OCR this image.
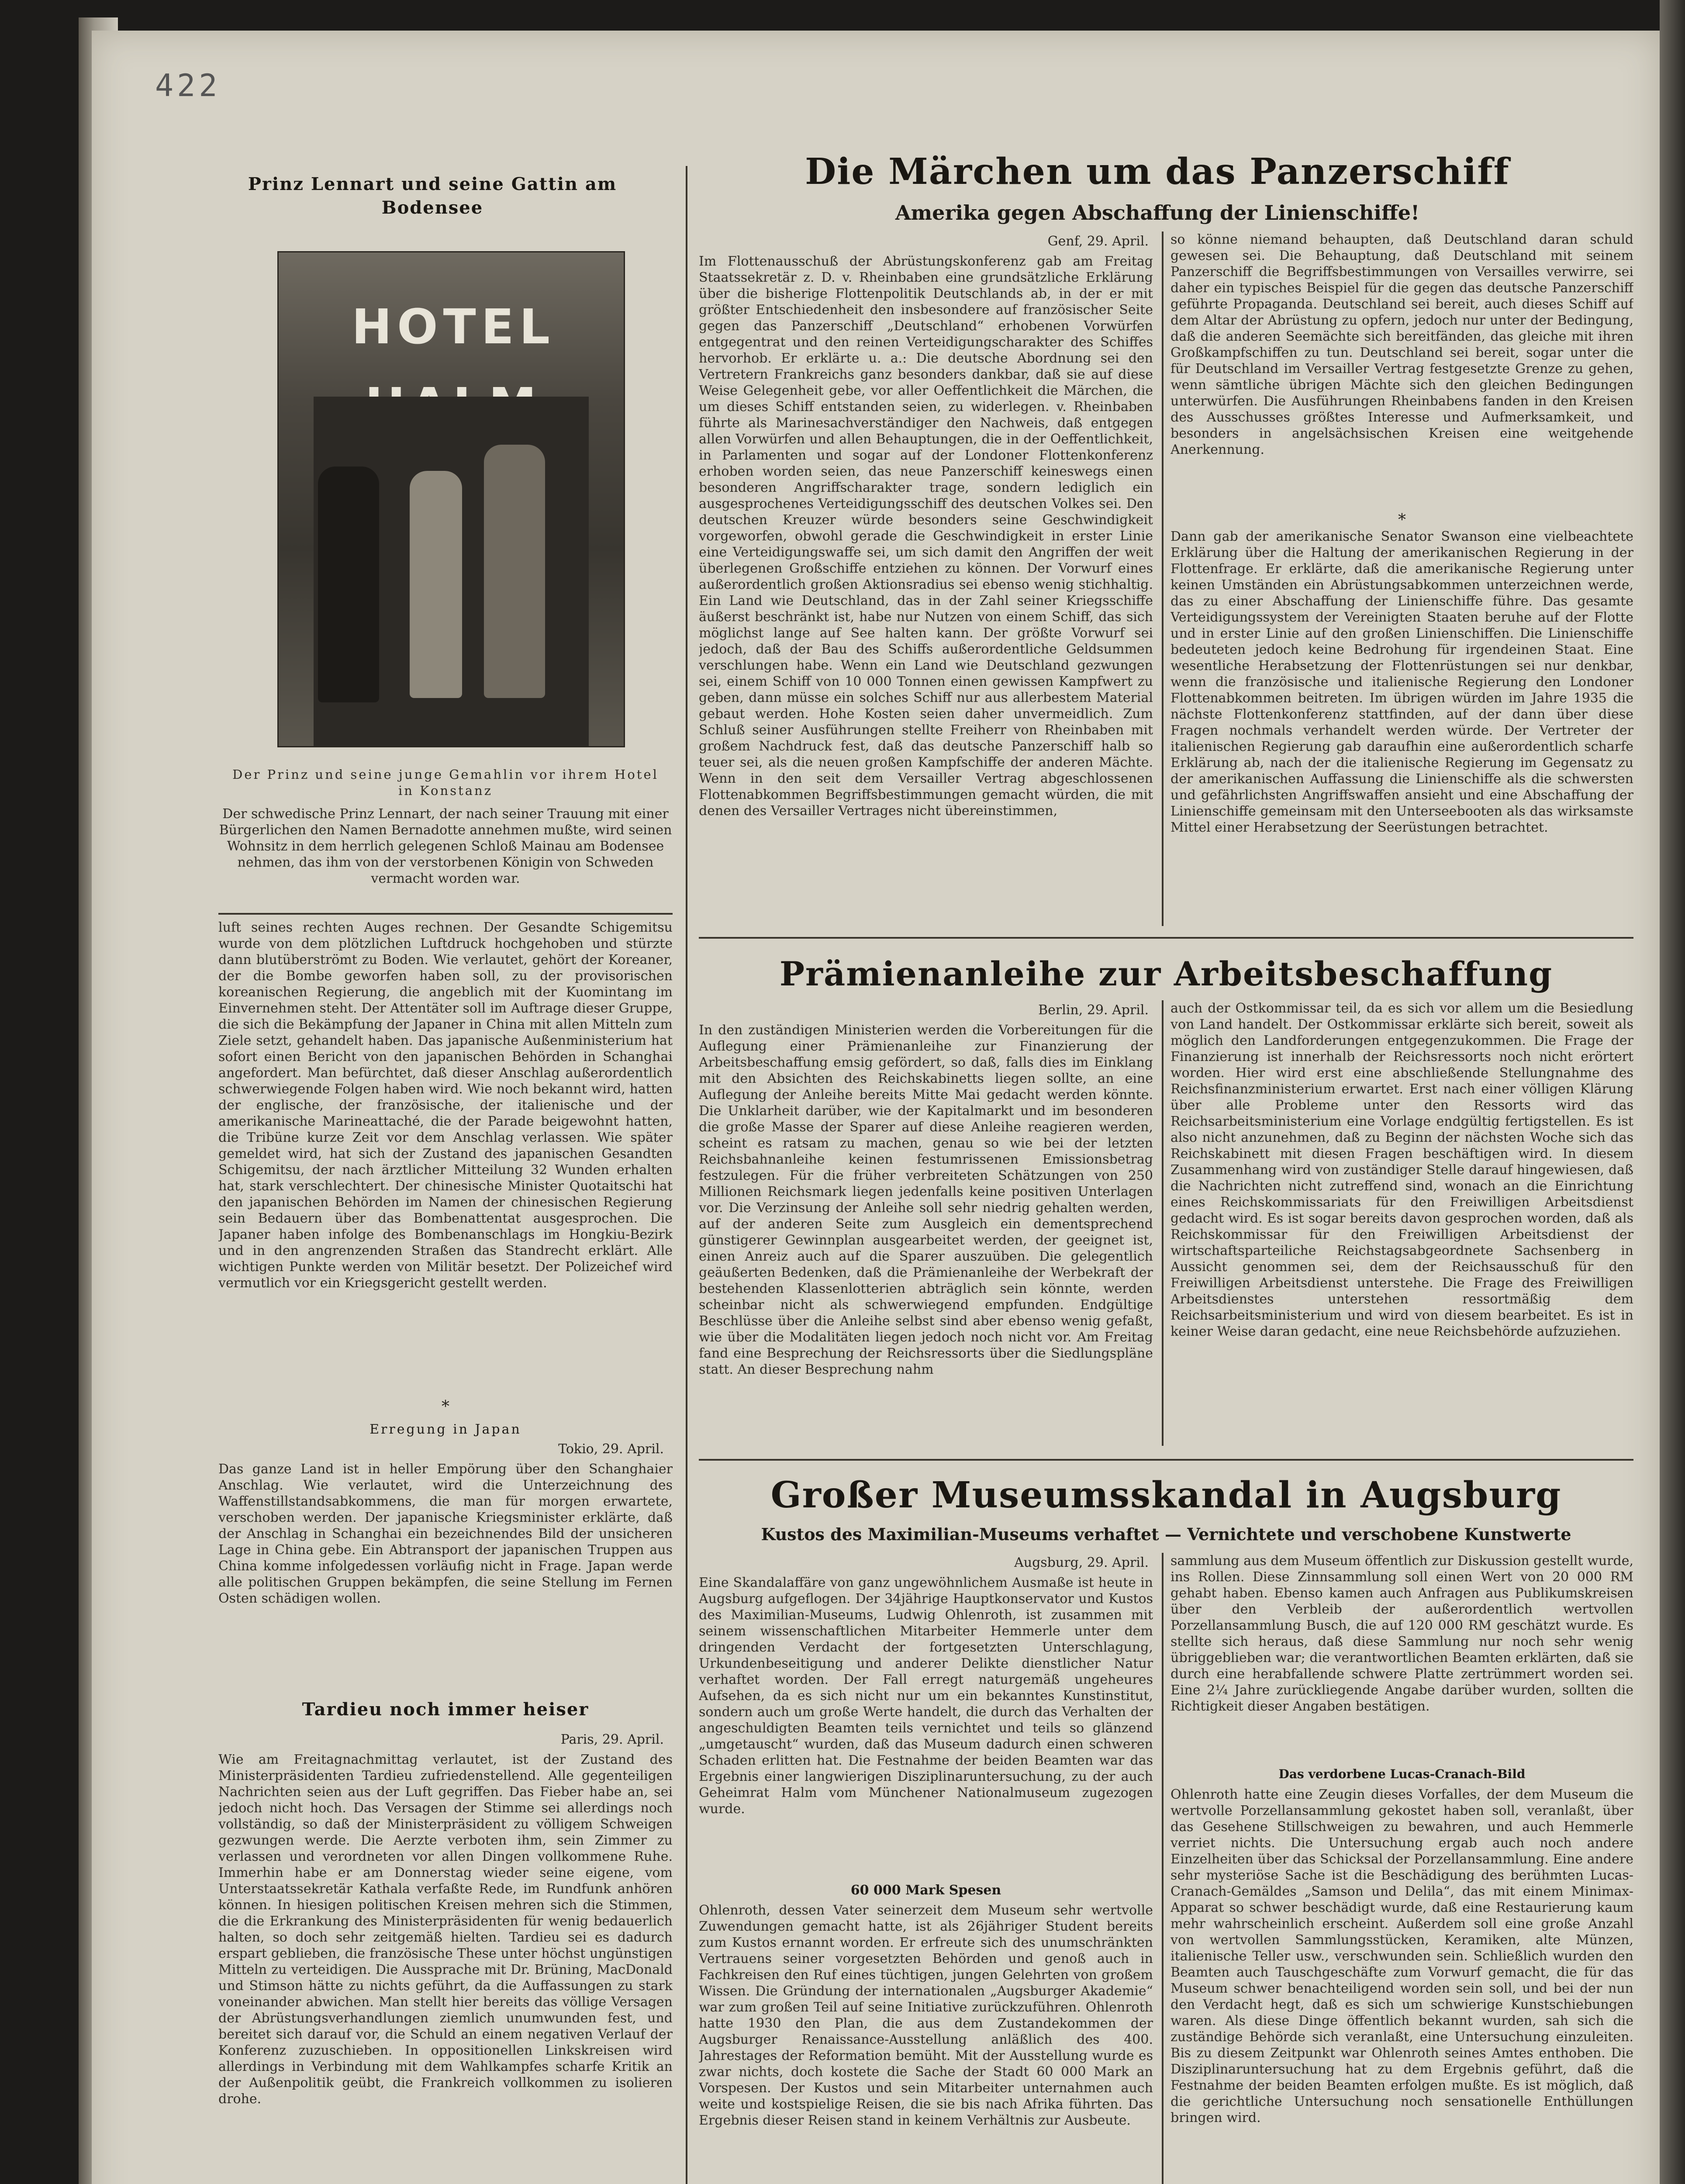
422
Prinz Lennart und seine Gattin am Bodensee
HOTEL
Der Prinz und seine junge Gemahlin vor ihrem Hotel in Konstanz
Der schwedische Prinz Lennart, der nach seiner Trauung mit einer Bürgerlichen den Namen Bernadotte annehmen mußte, wird seinen Wohnsitz in dem herrlich gelegenen Schloß Mainau am Bodensee nehmen, das ihm von der verstorbenen Königin von Schweden vermacht worden war.
luft seines rechten Auges rechnen. Der Gesandte Schigemitsu wurde von dem plötzlichen Luftdruck hochgehoben und stürzte dann blutüberströmt zu Boden. Wie verlautet, gehört der Koreaner, der die Bombe geworfen haben soll, zu der provisorischen koreanischen Regierung, die angeblich mit der Kuomintang im Einvernehmen steht. Der Attentäter soll im Auftrage dieser Gruppe, die sich die Bekämpfung der Japaner in China mit allen Mitteln zum Ziele setzt, gehandelt haben. Das japanische Außenministerium hat sofort einen Bericht von den japanischen Behörden in Schanghai angefordert. Man befürchtet, daß dieser Anschlag außerordentlich schwerwiegende Folgen haben wird. Wie noch bekannt wird, hatten der englische, der französische, der italienische und der amerikanische Marineattaché, die der Parade beigewohnt hatten, die Tribüne kurze Zeit vor dem Anschlag verlassen. Wie später gemeldet wird, hat sich der Zustand des japanischen Gesandten Schigemitsu, der nach ärztlicher Mitteilung 32 Wunden erhalten hat, stark verschlechtert. Der chinesische Minister Quotaitschi hat den japanischen Behörden im Namen der chinesischen Regierung sein Bedauern über das Bombenattentat ausgesprochen. Die Japaner haben infolge des Bombenanschlags im Hongkiu-Bezirk und in den angrenzenden Straßen das Standrecht erklärt. Alle wichtigen Punkte werden von Militär besetzt. Der Polizeichef wird vermutlich vor ein Kriegsgericht gestellt werden.
*
Erregung in Japan
Tokio, 29. April.
Das ganze Land ist in heller Empörung über den Schanghaier Anschlag. Wie verlautet, wird die Unterzeichnung des Waffenstillstandsabkommens, die man für morgen erwartete, verschoben werden. Der japanische Kriegsminister erklärte, daß der Anschlag in Schanghai ein bezeichnendes Bild der unsicheren Lage in China gebe. Ein Abtransport der japanischen Truppen aus China komme infolgedessen vorläufig nicht in Frage. Japan werde alle politischen Gruppen bekämpfen, die seine Stellung im Fernen Osten schädigen wollen.
Tardieu noch immer heiser
Paris, 29. April.
Wie am Freitagnachmittag verlautet, ist der Zustand des Ministerpräsidenten Tardieu zufriedenstellend. Alle gegenteiligen Nachrichten seien aus der Luft gegriffen. Das Fieber habe an, sei jedoch nicht hoch. Das Versagen der Stimme sei allerdings noch vollständig, so daß der Ministerpräsident zu völligem Schweigen gezwungen werde. Die Aerzte verboten ihm, sein Zimmer zu verlassen und verordneten vor allen Dingen vollkommene Ruhe. Immerhin habe er am Donnerstag wieder seine eigene, vom Unterstaatssekretär Kathala verfaßte Rede, im Rundfunk anhören können. In hiesigen politischen Kreisen mehren sich die Stimmen, die die Erkrankung des Ministerpräsidenten für wenig bedauerlich halten, so doch sehr zeitgemäß hielten. Tardieu sei es dadurch erspart geblieben, die französische These unter höchst ungünstigen Mitteln zu verteidigen. Die Aussprache mit Dr. Brüning, MacDonald und Stimson hätte zu nichts geführt, da die Auffassungen zu stark voneinander abwichen. Man stellt hier bereits das völlige Versagen der Abrüstungsverhandlungen ziemlich unumwunden fest, und bereitet sich darauf vor, die Schuld an einem negativen Verlauf der Konferenz zuzuschieben. In oppositionellen Linkskreisen wird allerdings in Verbindung mit dem Wahlkampfes scharfe Kritik an der Außenpolitik geübt, die Frankreich vollkommen zu isolieren drohe.
Die Märchen um das Panzerschiff
Amerika gegen Abschaffung der Linienschiffe!
Genf, 29. April.
Im Flottenausschuß der Abrüstungskonferenz gab am Freitag Staatssekretär z. D. v. Rheinbaben eine grundsätzliche Erklärung über die bisherige Flottenpolitik Deutschlands ab, in der er mit größter Entschiedenheit den insbesondere auf französischer Seite gegen das Panzerschiff „Deutschland“ erhobenen Vorwürfen entgegentrat und den reinen Verteidigungscharakter des Schiffes hervorhob. Er erklärte u. a.: Die deutsche Abordnung sei den Vertretern Frankreichs ganz besonders dankbar, daß sie auf diese Weise Gelegenheit gebe, vor aller Oeffentlichkeit die Märchen, die um dieses Schiff entstanden seien, zu widerlegen. v. Rheinbaben führte als Marinesachverständiger den Nachweis, daß entgegen allen Vorwürfen und allen Behauptungen, die in der Oeffentlichkeit, in Parlamenten und sogar auf der Londoner Flottenkonferenz erhoben worden seien, das neue Panzerschiff keineswegs einen besonderen Angriffscharakter trage, sondern lediglich ein ausgesprochenes Verteidigungsschiff des deutschen Volkes sei. Den deutschen Kreuzer würde besonders seine Geschwindigkeit vorgeworfen, obwohl gerade die Geschwindigkeit in erster Linie eine Verteidigungswaffe sei, um sich damit den Angriffen der weit überlegenen Großschiffe entziehen zu können. Der Vorwurf eines außerordentlich großen Aktionsradius sei ebenso wenig stichhaltig. Ein Land wie Deutschland, das in der Zahl seiner Kriegsschiffe äußerst beschränkt ist, habe nur Nutzen von einem Schiff, das sich möglichst lange auf See halten kann. Der größte Vorwurf sei jedoch, daß der Bau des Schiffs außerordentliche Geldsummen verschlungen habe. Wenn ein Land wie Deutschland gezwungen sei, einem Schiff von 10 000 Tonnen einen gewissen Kampfwert zu geben, dann müsse ein solches Schiff nur aus allerbestem Material gebaut werden. Hohe Kosten seien daher unvermeidlich. Zum Schluß seiner Ausführungen stellte Freiherr von Rheinbaben mit großem Nachdruck fest, daß das deutsche Panzerschiff halb so teuer sei, als die neuen großen Kampfschiffe der anderen Mächte. Wenn in den seit dem Versailler Vertrag abgeschlossenen Flottenabkommen Begriffsbestimmungen gemacht würden, die mit denen des Versailler Vertrages nicht übereinstimmen,
so könne niemand behaupten, daß Deutschland daran schuld gewesen sei. Die Behauptung, daß Deutschland mit seinem Panzerschiff die Begriffsbestimmungen von Versailles verwirre, sei daher ein typisches Beispiel für die gegen das deutsche Panzerschiff geführte Propaganda. Deutschland sei bereit, auch dieses Schiff auf dem Altar der Abrüstung zu opfern, jedoch nur unter der Bedingung, daß die anderen Seemächte sich bereitfänden, das gleiche mit ihren Großkampfschiffen zu tun. Deutschland sei bereit, sogar unter die für Deutschland im Versailler Vertrag festgesetzte Grenze zu gehen, wenn sämtliche übrigen Mächte sich den gleichen Bedingungen unterwürfen. Die Ausführungen Rheinbabens fanden in den Kreisen des Ausschusses größtes Interesse und Aufmerksamkeit, und besonders in angelsächsischen Kreisen eine weitgehende Anerkennung.
*
Dann gab der amerikanische Senator Swanson eine vielbeachtete Erklärung über die Haltung der amerikanischen Regierung in der Flottenfrage. Er erklärte, daß die amerikanische Regierung unter keinen Umständen ein Abrüstungsabkommen unterzeichnen werde, das zu einer Abschaffung der Linienschiffe führe. Das gesamte Verteidigungssystem der Vereinigten Staaten beruhe auf der Flotte und in erster Linie auf den großen Linienschiffen. Die Linienschiffe bedeuteten jedoch keine Bedrohung für irgendeinen Staat. Eine wesentliche Herabsetzung der Flottenrüstungen sei nur denkbar, wenn die französische und italienische Regierung den Londoner Flottenabkommen beitreten. Im übrigen würden im Jahre 1935 die nächste Flottenkonferenz stattfinden, auf der dann über diese Fragen nochmals verhandelt werden würde. Der Vertreter der italienischen Regierung gab daraufhin eine außerordentlich scharfe Erklärung ab, nach der die italienische Regierung im Gegensatz zu der amerikanischen Auffassung die Linienschiffe als die schwersten und gefährlichsten Angriffswaffen ansieht und eine Abschaffung der Linienschiffe gemeinsam mit den Unterseebooten als das wirksamste Mittel einer Herabsetzung der Seerüstungen betrachtet.
Prämienanleihe zur Arbeitsbeschaffung
Berlin, 29. April.
In den zuständigen Ministerien werden die Vorbereitungen für die Auflegung einer Prämienanleihe zur Finanzierung der Arbeitsbeschaffung emsig gefördert, so daß, falls dies im Einklang mit den Absichten des Reichskabinetts liegen sollte, an eine Auflegung der Anleihe bereits Mitte Mai gedacht werden könnte. Die Unklarheit darüber, wie der Kapitalmarkt und im besonderen die große Masse der Sparer auf diese Anleihe reagieren werden, scheint es ratsam zu machen, genau so wie bei der letzten Reichsbahnanleihe keinen festumrissenen Emissionsbetrag festzulegen. Für die früher verbreiteten Schätzungen von 250 Millionen Reichsmark liegen jedenfalls keine positiven Unterlagen vor. Die Verzinsung der Anleihe soll sehr niedrig gehalten werden, auf der anderen Seite zum Ausgleich ein dementsprechend günstigerer Gewinnplan ausgearbeitet werden, der geeignet ist, einen Anreiz auch auf die Sparer auszuüben. Die gelegentlich geäußerten Bedenken, daß die Prämienanleihe der Werbekraft der bestehenden Klassenlotterien abträglich sein könnte, werden scheinbar nicht als schwerwiegend empfunden. Endgültige Beschlüsse über die Anleihe selbst sind aber ebenso wenig gefaßt, wie über die Modalitäten liegen jedoch noch nicht vor. Am Freitag fand eine Besprechung der Reichsressorts über die Siedlungspläne statt. An dieser Besprechung nahm
auch der Ostkommissar teil, da es sich vor allem um die Besiedlung von Land handelt. Der Ostkommissar erklärte sich bereit, soweit als möglich den Landforderungen entgegenzukommen. Die Frage der Finanzierung ist innerhalb der Reichsressorts noch nicht erörtert worden. Hier wird erst eine abschließende Stellungnahme des Reichsfinanzministerium erwartet. Erst nach einer völligen Klärung über alle Probleme unter den Ressorts wird das Reichsarbeitsministerium eine Vorlage endgültig fertigstellen. Es ist also nicht anzunehmen, daß zu Beginn der nächsten Woche sich das Reichskabinett mit diesen Fragen beschäftigen wird. In diesem Zusammenhang wird von zuständiger Stelle darauf hingewiesen, daß die Nachrichten nicht zutreffend sind, wonach an die Einrichtung eines Reichskommissariats für den Freiwilligen Arbeitsdienst gedacht wird. Es ist sogar bereits davon gesprochen worden, daß als Reichskommissar für den Freiwilligen Arbeitsdienst der wirtschaftsparteiliche Reichstagsabgeordnete Sachsenberg in Aussicht genommen sei, dem der Reichsausschuß für den Freiwilligen Arbeitsdienst unterstehe. Die Frage des Freiwilligen Arbeitsdienstes unterstehen ressortmäßig dem Reichsarbeitsministerium und wird von diesem bearbeitet. Es ist in keiner Weise daran gedacht, eine neue Reichsbehörde aufzuziehen.
Großer Museumsskandal in Augsburg
Kustos des Maximilian-Museums verhaftet — Vernichtete und verschobene Kunstwerte
Augsburg, 29. April.
Eine Skandalaffäre von ganz ungewöhnlichem Ausmaße ist heute in Augsburg aufgeflogen. Der 34jährige Hauptkonservator und Kustos des Maximilian-Museums, Ludwig Ohlenroth, ist zusammen mit seinem wissenschaftlichen Mitarbeiter Hemmerle unter dem dringenden Verdacht der fortgesetzten Unterschlagung, Urkundenbeseitigung und anderer Delikte dienstlicher Natur verhaftet worden. Der Fall erregt naturgemäß ungeheures Aufsehen, da es sich nicht nur um ein bekanntes Kunstinstitut, sondern auch um große Werte handelt, die durch das Verhalten der angeschuldigten Beamten teils vernichtet und teils so glänzend „umgetauscht“ wurden, daß das Museum dadurch einen schweren Schaden erlitten hat. Die Festnahme der beiden Beamten war das Ergebnis einer langwierigen Disziplinaruntersuchung, zu der auch Geheimrat Halm vom Münchener Nationalmuseum zugezogen wurde.
60 000 Mark Spesen
Ohlenroth, dessen Vater seinerzeit dem Museum sehr wertvolle Zuwendungen gemacht hatte, ist als 26jähriger Student bereits zum Kustos ernannt worden. Er erfreute sich des unumschränkten Vertrauens seiner vorgesetzten Behörden und genoß auch in Fachkreisen den Ruf eines tüchtigen, jungen Gelehrten von großem Wissen. Die Gründung der internationalen „Augsburger Akademie“ war zum großen Teil auf seine Initiative zurückzuführen. Ohlenroth hatte 1930 den Plan, die aus dem Zustandekommen der Augsburger Renaissance-Ausstellung anläßlich des 400. Jahrestages der Reformation bemüht. Mit der Ausstellung wurde es zwar nichts, doch kostete die Sache der Stadt 60 000 Mark an Vorspesen. Der Kustos und sein Mitarbeiter unternahmen auch weite und kostspielige Reisen, die sie bis nach Afrika führten. Das Ergebnis dieser Reisen stand in keinem Verhältnis zur Ausbeute.
sammlung aus dem Museum öffentlich zur Diskussion gestellt wurde, ins Rollen. Diese Zinnsammlung soll einen Wert von 20 000 RM gehabt haben. Ebenso kamen auch Anfragen aus Publikumskreisen über den Verbleib der außerordentlich wertvollen Porzellansammlung Busch, die auf 120 000 RM geschätzt wurde. Es stellte sich heraus, daß diese Sammlung nur noch sehr wenig übriggeblieben war; die verantwortlichen Beamten erklärten, daß sie durch eine herabfallende schwere Platte zertrümmert worden sei. Eine 2¼ Jahre zurückliegende Angabe darüber wurden, sollten die Richtigkeit dieser Angaben bestätigen.
Das verdorbene Lucas-Cranach-Bild
Ohlenroth hatte eine Zeugin dieses Vorfalles, der dem Museum die wertvolle Porzellansammlung gekostet haben soll, veranlaßt, über das Gesehene Stillschweigen zu bewahren, und auch Hemmerle verriet nichts. Die Untersuchung ergab auch noch andere Einzelheiten über das Schicksal der Porzellansammlung. Eine andere sehr mysteriöse Sache ist die Beschädigung des berühmten Lucas-Cranach-Gemäldes „Samson und Delila“, das mit einem Minimax-Apparat so schwer beschädigt wurde, daß eine Restaurierung kaum mehr wahrscheinlich erscheint. Außerdem soll eine große Anzahl von wertvollen Sammlungsstücken, Keramiken, alte Münzen, italienische Teller usw., verschwunden sein. Schließlich wurden den Beamten auch Tauschgeschäfte zum Vorwurf gemacht, die für das Museum schwer benachteiligend worden sein soll, und bei der nun den Verdacht hegt, daß es sich um schwierige Kunstschiebungen waren. Als diese Dinge öffentlich bekannt wurden, sah sich die zuständige Behörde sich veranlaßt, eine Untersuchung einzuleiten. Bis zu diesem Zeitpunkt war Ohlenroth seines Amtes enthoben. Die Disziplinaruntersuchung hat zu dem Ergebnis geführt, daß die Festnahme der beiden Beamten erfolgen mußte. Es ist möglich, daß die gerichtliche Untersuchung noch sensationelle Enthüllungen bringen wird.
